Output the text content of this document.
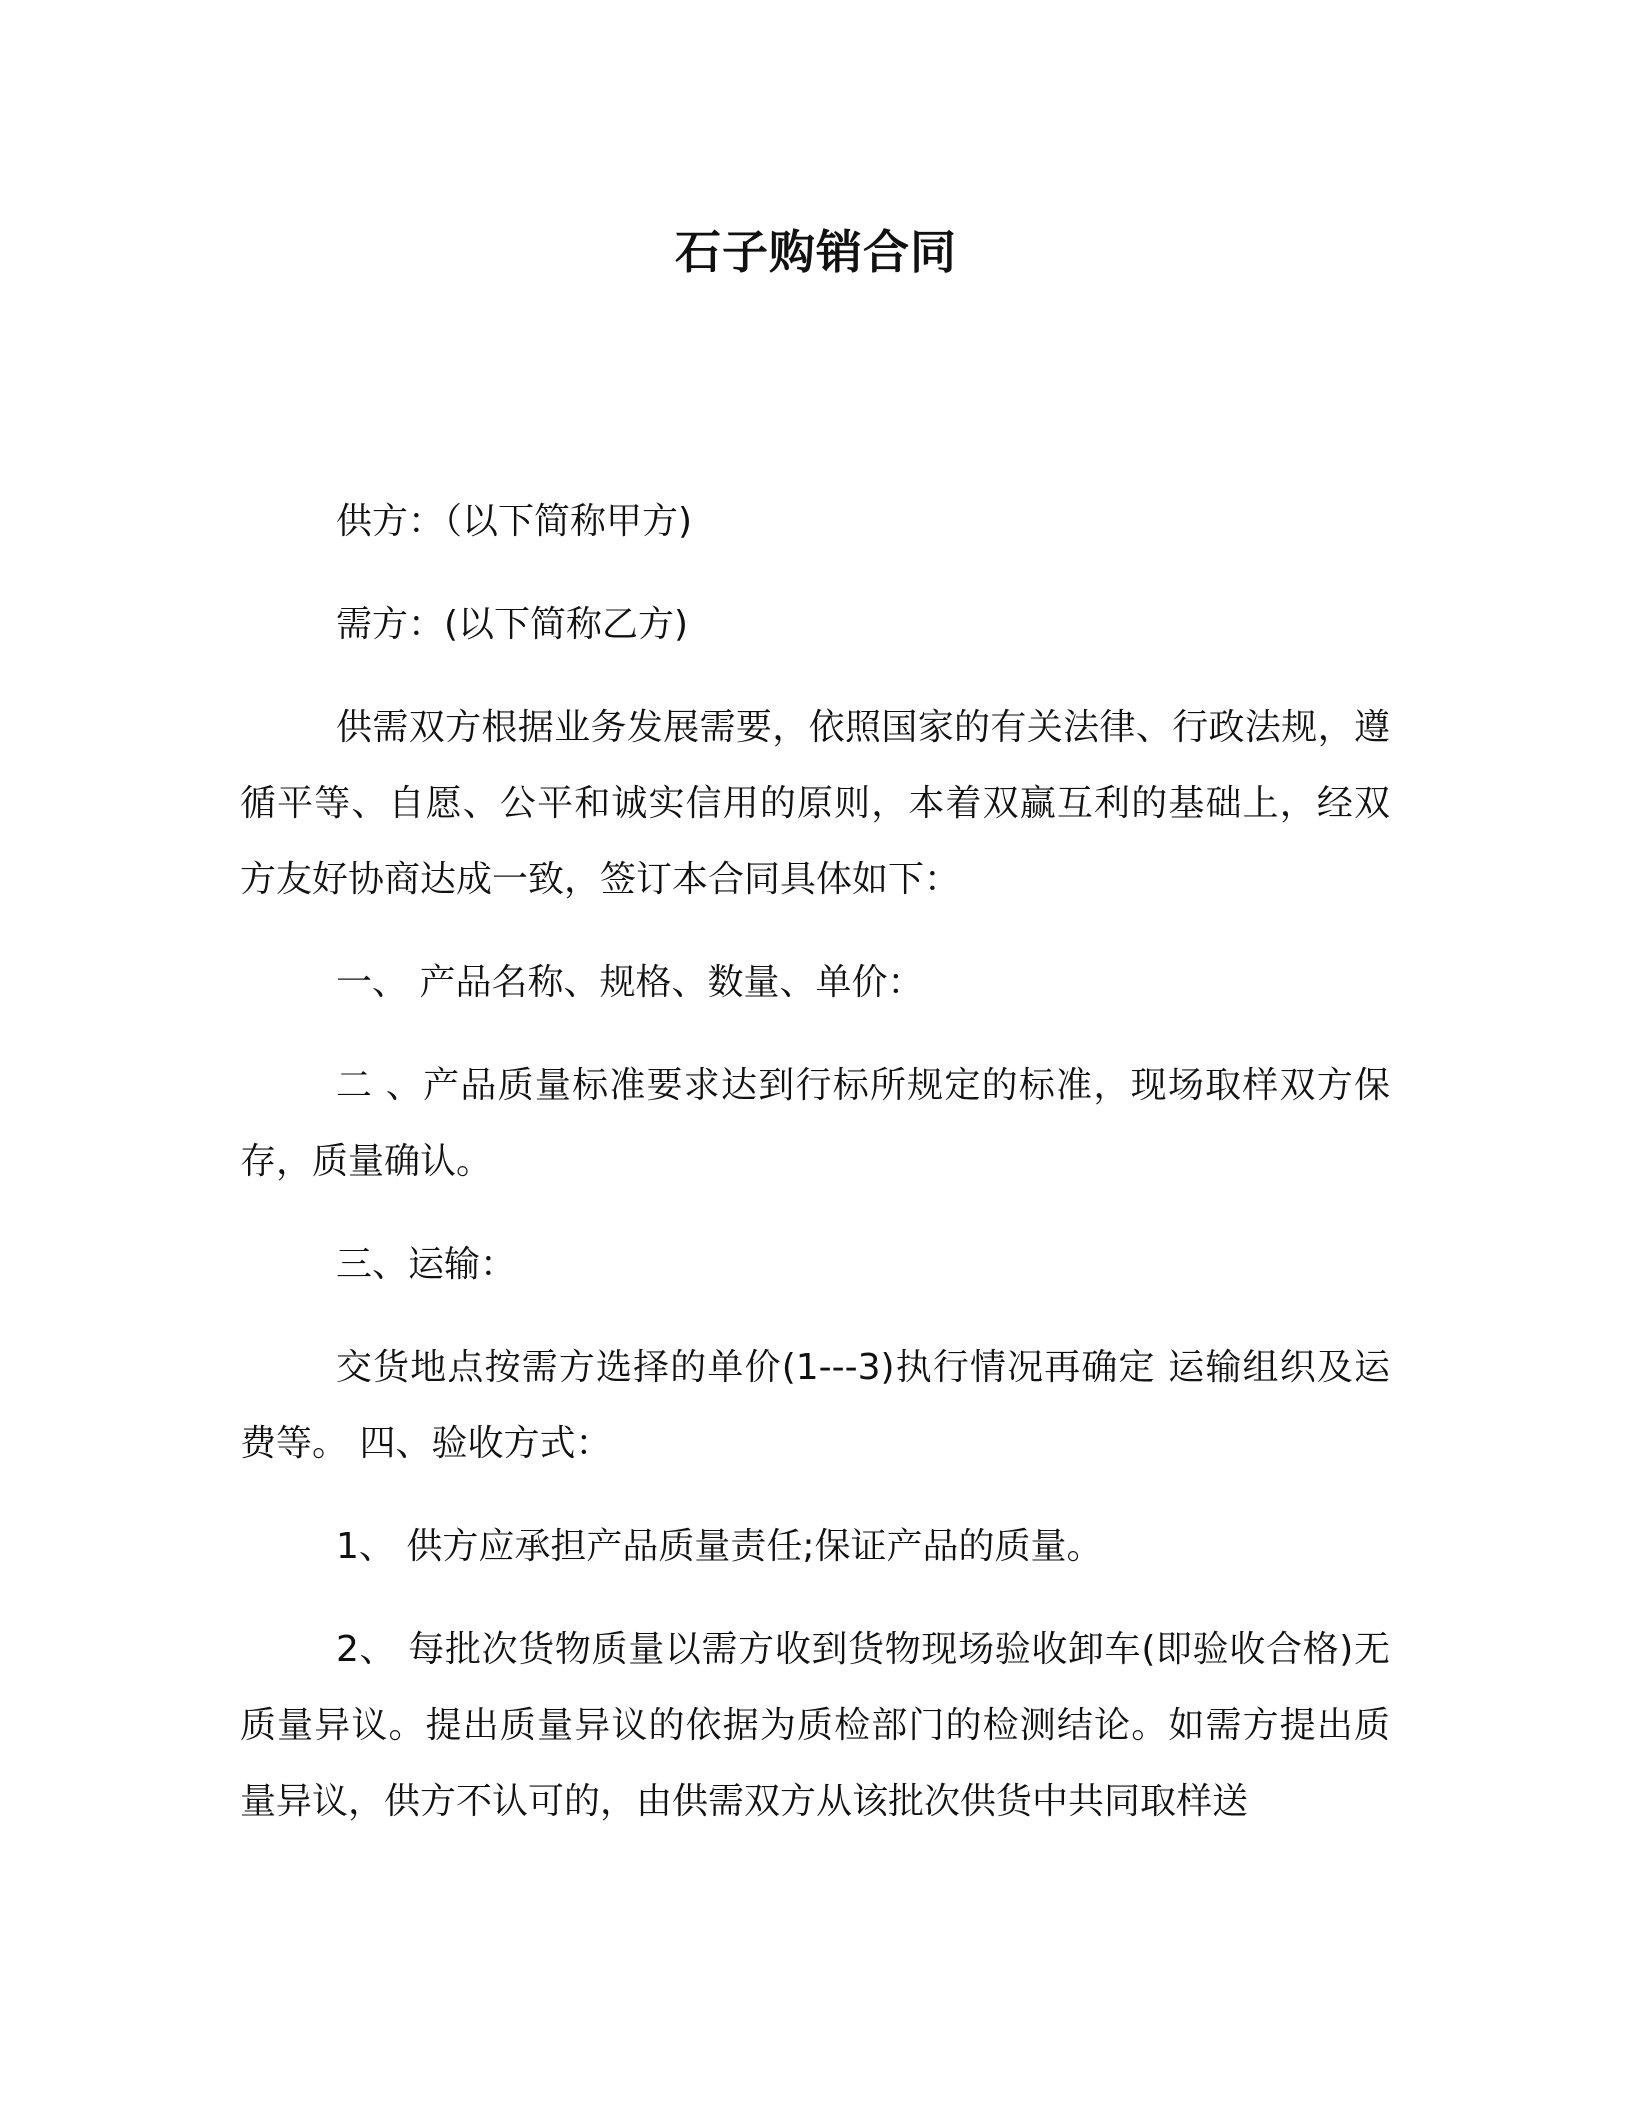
石子购销合同

供方：（以下简称甲方)

需方：(以下简称乙方)

供需双方根据业务发展需要，依照国家的有关法律、行政法规，遵循平等、自愿、公平和诚实信用的原则，本着双赢互利的基础上，经双方友好协商达成一致，签订本合同具体如下：

一、 产品名称、规格、数量、单价：

二 、产品质量标准要求达到行标所规定的标准，现场取样双方保存，质量确认。

三、运输：

交货地点按需方选择的单价(1---3)执行情况再确定 运输组织及运费等。 四、验收方式：

1、 供方应承担产品质量责任;保证产品的质量。

2、 每批次货物质量以需方收到货物现场验收卸车(即验收合格)无质量异议。提出质量异议的依据为质检部门的检测结论。如需方提出质量异议，供方不认可的，由供需双方从该批次供货中共同取样送
